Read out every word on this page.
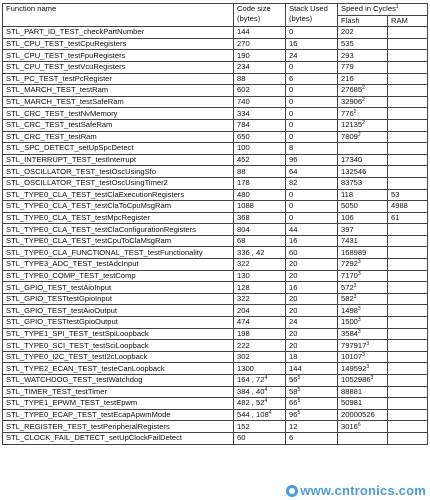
Function name	Code size (bytes)	Stack Used (bytes)	Speed in Cycles$^1$
			Flash	RAM
STL_PART_ID_TEST_checkPartNumber	144	0	202	
STL_CPU_TEST_testCpuRegisters	270	16	535	
STL_CPU_TEST_testFpuRegisters	190	24	293	
STL_CPU_TEST_testVcuRegisters	234	0	779	
STL_PC_TEST_testPcRegister	88	6	216	
STL_MARCH_TEST_testRam	602	0	27685$^2$	
STL_MARCH_TEST_testSafeRam	740	0	32906$^2$	
STL_CRC_TEST_testNvMemory	334	0	$776^2$	
STL_CRC_TEST_testSafeRam	784	0	12135$^2$	
STL_CRC_TEST_testRam	650	0	7809$^2$	
STL_SPC_DETECT_setUpSpcDetect	100	8		
STL_INTERRUPT_TEST_testInterrupt	452	96	17340	
STL_OSCILLATOR_TEST_testOscUsingSfo	88	64	132546	
STL_OSCILLATOR_TEST_testOscUsingTimer2	178	82	83753	
STL_TYPE0_CLA_TEST_testClaExecutionRegisters	480	0	118	53
STL_TYPE0_CLA_TEST_testClaToCpuMsgRam	1088	0	5050	4988
STL_TYPE0_CLA_TEST_testMpcRegister	368	0	106	61
STL_TYPE0_CLA_TEST_testClaConfigurationRegisters	804	44	397	
STL_TYPE0_CLA_TEST_testCpuToClaMsgRam	68	16	7431	
STL_TYPE0_CLA_FUNCTIONAL_TEST_testFunctionality	336 , 42	60	168989	
STL_TYPE3_ADC_TEST_testAdcInput	322	20	7292$^3$	
STL_TYPE0_COMP_TEST_testComp	130	20	7170$^3$	
STL_GPIO_TEST_testAioInput	128	16	$572^3$	
STL_GPIO_TESTtestGpioInput	322	20	$582^3$	
STL_GPIO_TEST_testAioOutput	204	20	1498$^3$	
STL_GPIO_TESTtestGpioOutput	474	24	1500$^3$	
STL_TYPE1_SPI_TEST_testSpiLoopback	198	20	3584$^3$	
STL_TYPE0_SCI_TEST_testSciLoopback	222	20	797917$^3$	
STL_TYPE0_I2C_TEST_testI2cLoopback	302	18	10107$^3$	
STL_TYPE2_ECAN_TEST_testeCanLoopback	1300	144	149592$^3$	
STL_WATCHDOG_TEST_testWatchdog	164 , $72^4$	$56^5$	1052986$^3$	
STL_TIMER_TEST_testTimer	384 , $40^4$	$58^5$	88881	
STL_TYPE1_EPWM_TEST_testEpwm	482 , $52^4$	$66^5$	50981	
STL_TYPE0_ECAP_TEST_testEcapApwmMode	544 , $108^4$	$96^5$	20000526	
STL_REGISTER_TEST_testPeripheralRegisters	152	12	3016$^6$	
STL_CLOCK_FAIL_DETECT_setUpClockFailDetect	60	6		
www.cntronics.com
